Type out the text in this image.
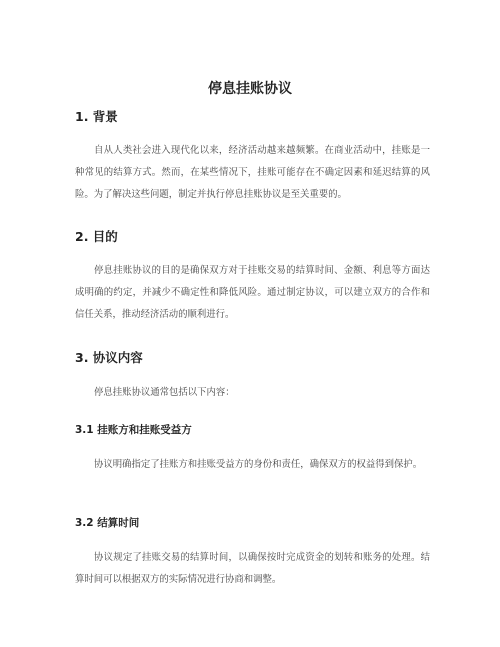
停息挂账协议
1. 背景
自从人类社会进入现代化以来，经济活动越来越频繁。在商业活动中，挂账是一种常见的结算方式。然而，在某些情况下，挂账可能存在不确定因素和延迟结算的风险。为了解决这些问题，制定并执行停息挂账协议是至关重要的。
2. 目的
停息挂账协议的目的是确保双方对于挂账交易的结算时间、金额、利息等方面达成明确的约定，并减少不确定性和降低风险。通过制定协议，可以建立双方的合作和信任关系，推动经济活动的顺利进行。
3. 协议内容
停息挂账协议通常包括以下内容：
3.1 挂账方和挂账受益方
协议明确指定了挂账方和挂账受益方的身份和责任，确保双方的权益得到保护。
3.2 结算时间
协议规定了挂账交易的结算时间，以确保按时完成资金的划转和账务的处理。结算时间可以根据双方的实际情况进行协商和调整。
